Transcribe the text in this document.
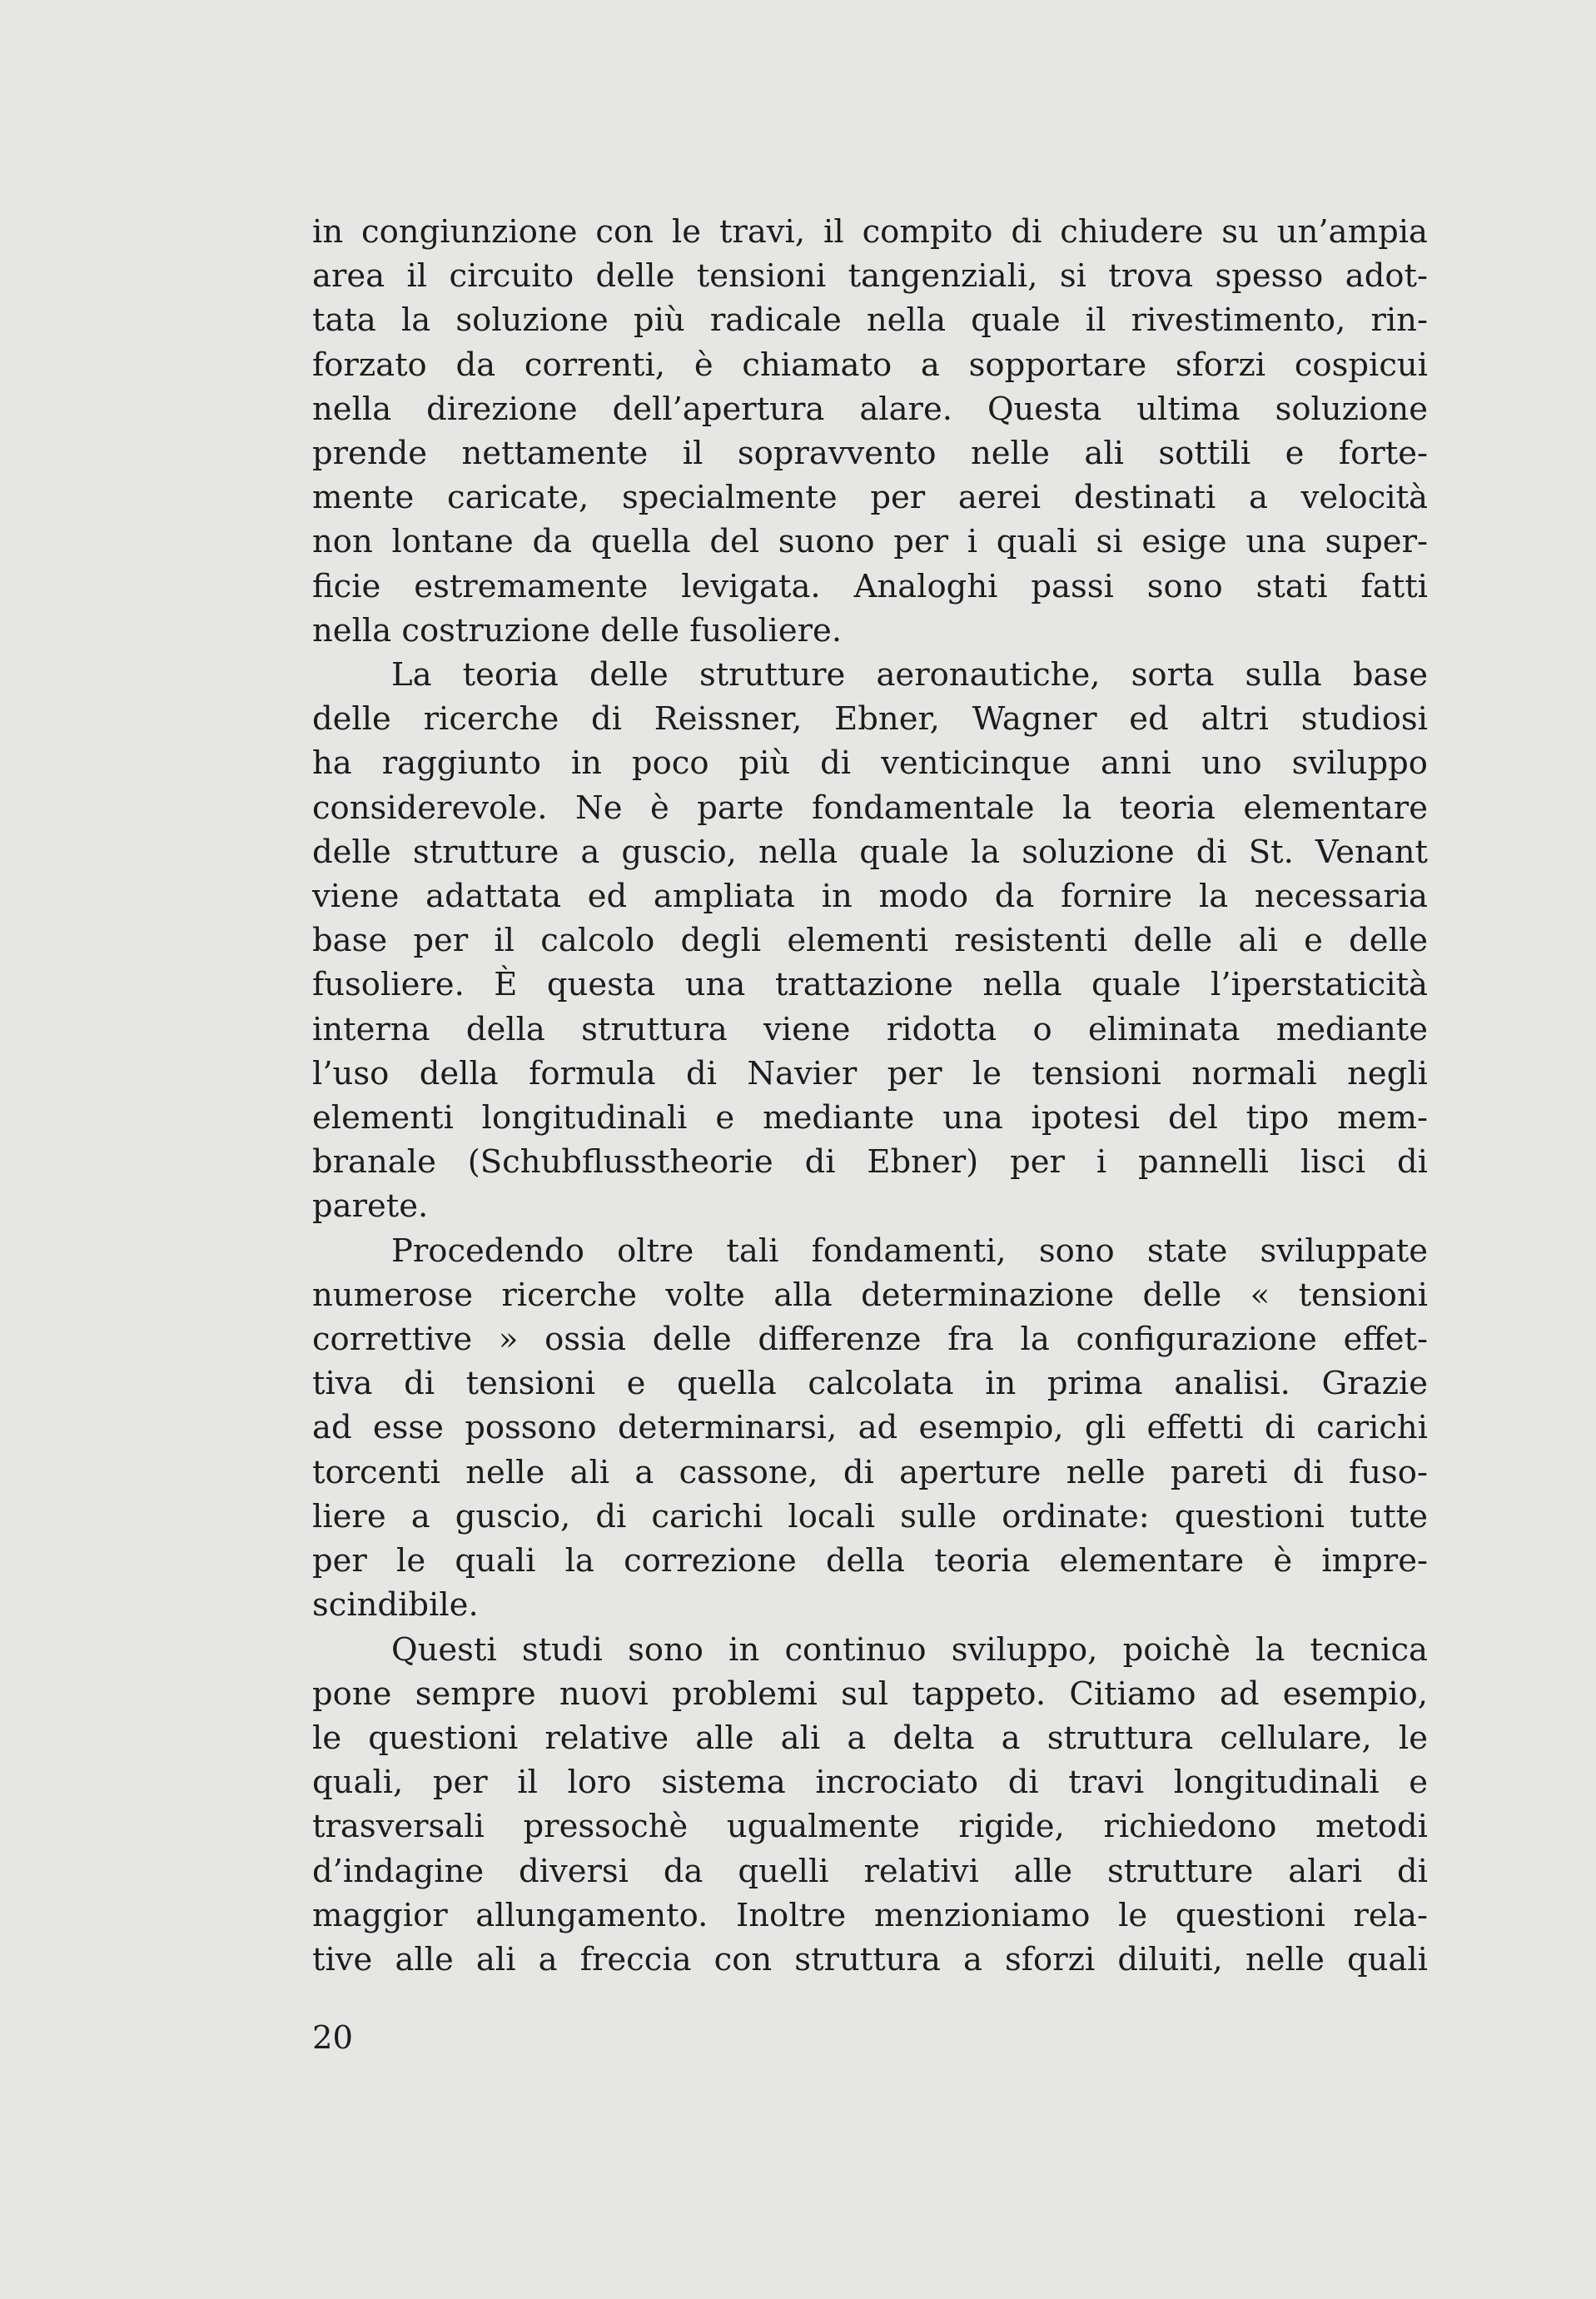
in congiunzione con le travi, il compito di chiudere su un’ampia
area il circuito delle tensioni tangenziali, si trova spesso adot-
tata la soluzione più radicale nella quale il rivestimento, rin-
forzato da correnti, è chiamato a sopportare sforzi cospicui
nella direzione dell’apertura alare. Questa ultima soluzione
prende nettamente il sopravvento nelle ali sottili e forte-
mente caricate, specialmente per aerei destinati a velocità
non lontane da quella del suono per i quali si esige una super-
ficie estremamente levigata. Analoghi passi sono stati fatti
nella costruzione delle fusoliere.
La teoria delle strutture aeronautiche, sorta sulla base
delle ricerche di Reissner, Ebner, Wagner ed altri studiosi
ha raggiunto in poco più di venticinque anni uno sviluppo
considerevole. Ne è parte fondamentale la teoria elementare
delle strutture a guscio, nella quale la soluzione di St. Venant
viene adattata ed ampliata in modo da fornire la necessaria
base per il calcolo degli elementi resistenti delle ali e delle
fusoliere. È questa una trattazione nella quale l’iperstaticità
interna della struttura viene ridotta o eliminata mediante
l’uso della formula di Navier per le tensioni normali negli
elementi longitudinali e mediante una ipotesi del tipo mem-
branale (Schubflusstheorie di Ebner) per i pannelli lisci di
parete.
Procedendo oltre tali fondamenti, sono state sviluppate
numerose ricerche volte alla determinazione delle « tensioni
correttive » ossia delle differenze fra la configurazione effet-
tiva di tensioni e quella calcolata in prima analisi. Grazie
ad esse possono determinarsi, ad esempio, gli effetti di carichi
torcenti nelle ali a cassone, di aperture nelle pareti di fuso-
liere a guscio, di carichi locali sulle ordinate: questioni tutte
per le quali la correzione della teoria elementare è impre-
scindibile.
Questi studi sono in continuo sviluppo, poichè la tecnica
pone sempre nuovi problemi sul tappeto. Citiamo ad esempio,
le questioni relative alle ali a delta a struttura cellulare, le
quali, per il loro sistema incrociato di travi longitudinali e
trasversali pressochè ugualmente rigide, richiedono metodi
d’indagine diversi da quelli relativi alle strutture alari di
maggior allungamento. Inoltre menzioniamo le questioni rela-
tive alle ali a freccia con struttura a sforzi diluiti, nelle quali
20
